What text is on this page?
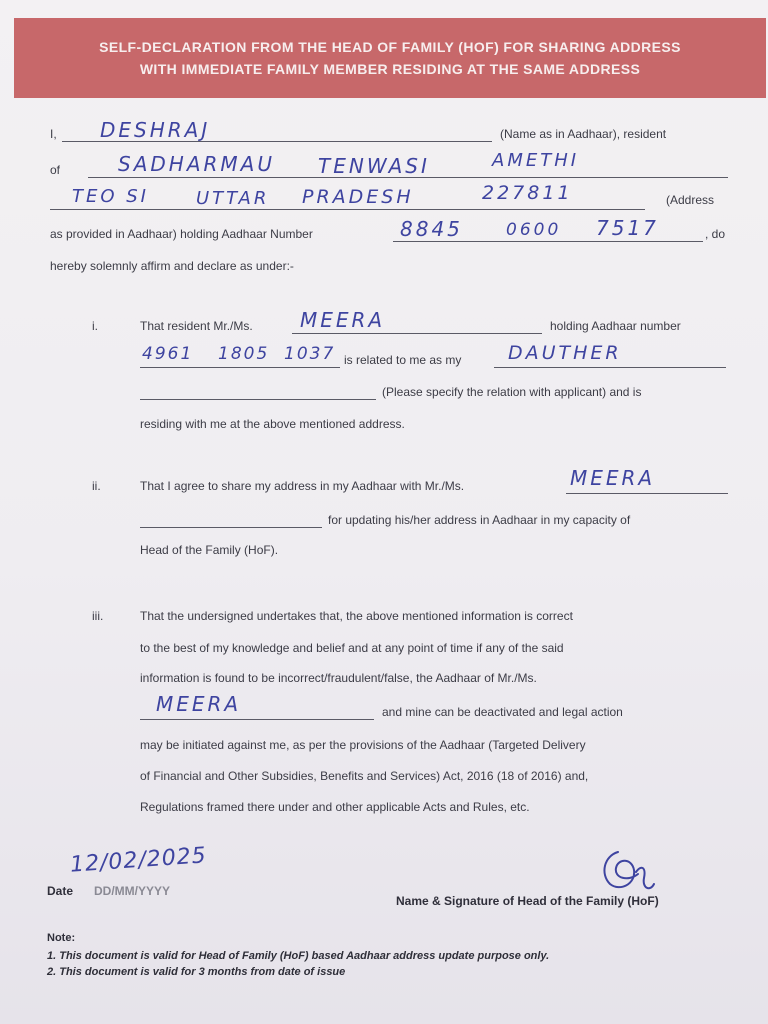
SELF-DECLARATION FROM THE HEAD OF FAMILY (HOF) FOR SHARING ADDRESS
WITH IMMEDIATE FAMILY MEMBER RESIDING AT THE SAME ADDRESS
I, DESHRAJ	(Name as in Aadhaar), resident
of	SADHARMAU TENWASI	AMETHI
TEO SI	UTTAR PRADESH	227811	(Address
as provided in Aadhaar) holding Aadhaar Number	8845	0600 7517	, do
hereby solemnly affirm and declare as under:-
i.	That resident Mr./Ms. MEERA	holding Aadhaar number
4961 1805 1037 is related to me as my DAUTHER
(Please specify the relation with applicant) and is
residing with me at the above mentioned address.
ii.	That I agree to share my address in my Aadhaar with Mr./Ms.	MEERA
for updating his/her address in Aadhaar in my capacity of
Head of the Family (HoF).
iii.	That the undersigned undertakes that, the above mentioned information is correct
to the best of my knowledge and belief and at any point of time if any of the said
information is found to be incorrect/fraudulent/false, the Aadhaar of Mr./Ms.
MEERA	and mine can be deactivated and legal action
may be initiated against me, as per the provisions of the Aadhaar (Targeted Delivery
of Financial and Other Subsidies, Benefits and Services) Act, 2016 (18 of 2016) and,
Regulations framed there under and other applicable Acts and Rules, etc.
12/02/2025
Date DD/MM/YYYY
Name & Signature of Head of the Family (HoF)
Note:
1. This document is valid for Head of Family (HoF) based Aadhaar address update purpose only.
2. This document is valid for 3 months from date of issue
